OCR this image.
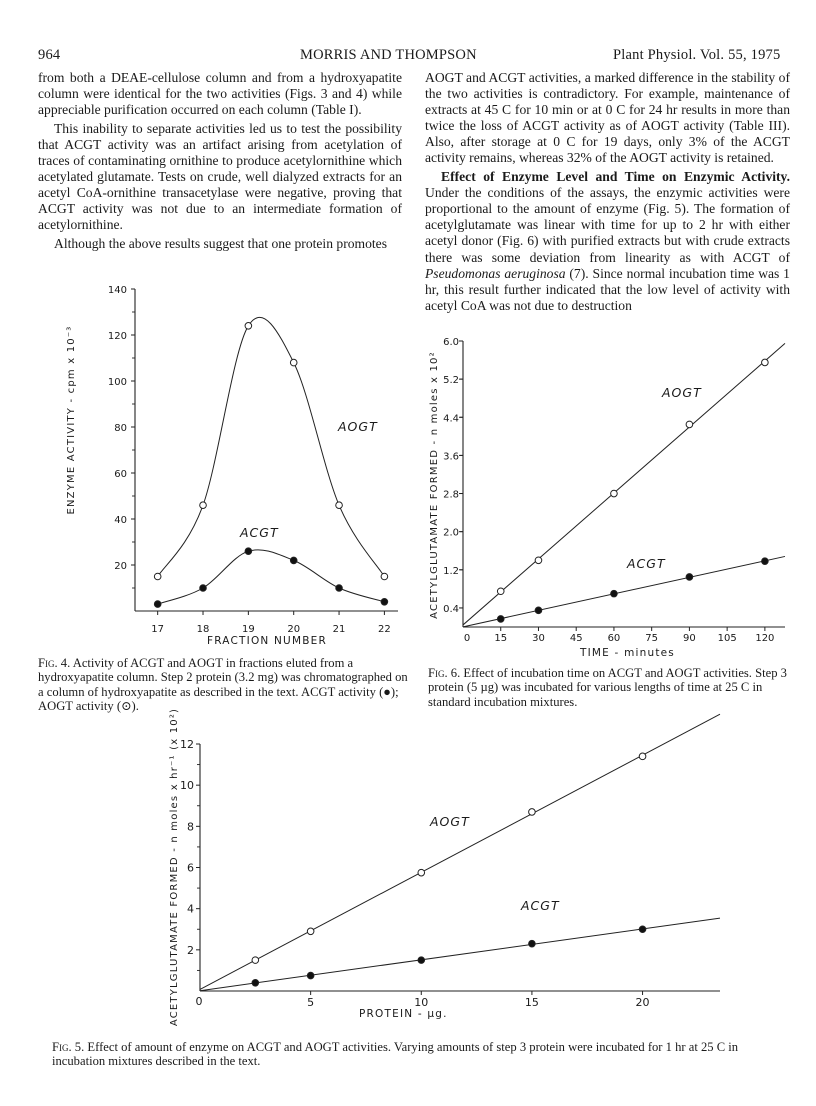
964	MORRIS AND THOMPSON	Plant Physiol. Vol. 55, 1975

from both a DEAE-cellulose column and from a hydroxyapatite column were identical for the two activities (Figs. 3 and 4) while appreciable purification occurred on each column (Table I).

This inability to separate activities led us to test the possibility that ACGT activity was an artifact arising from acetylation of traces of contaminating ornithine to produce acetylornithine which acetylated glutamate. Tests on crude, well dialyzed extracts for an acetyl CoA-ornithine transacetylase were negative, proving that ACGT activity was not due to an intermediate formation of acetylornithine.

Although the above results suggest that one protein promotes

AOGT and ACGT activities, a marked difference in the stability of the two activities is contradictory. For example, maintenance of extracts at 45 C for 10 min or at 0 C for 24 hr results in more than twice the loss of ACGT activity as of AOGT activity (Table III). Also, after storage at 0 C for 19 days, only 3% of the ACGT activity remains, whereas 32% of the AOGT activity is retained.

Effect of Enzyme Level and Time on Enzymic Activity. Under the conditions of the assays, the enzymic activities were proportional to the amount of enzyme (Fig. 5). The formation of acetylglutamate was linear with time for up to 2 hr with either acetyl donor (Fig. 6) with purified extracts but with crude extracts there was some deviation from linearity as with ACGT of Pseudomonas aeruginosa (7). Since normal incubation time was 1 hr, this result further indicated that the low level of activity with acetyl CoA was not due to destruction

17	18	19	20	21	22
20
40
60
80
100
120
140
FRACTION NUMBER
ENZYME ACTIVITY - cpm x 10⁻³	AOGT
ACGT
Fig. 4. Activity of ACGT and AOGT in fractions eluted from a hydroxyapatite column. Step 2 protein (3.2 mg) was chromatographed on a column of hydroxyapatite as described in the text. ACGT activity (●); AOGT activity (⊙).
15	30	45	60	75	90 105 120
0.4
1.2
2.0
2.8
3.6
4.4
5.2
6.0
0
TIME - minutes
ACETYLGLUTAMATE FORMED - n moles x 10²	AOGT
ACGT
Fig. 6. Effect of incubation time on ACGT and AOGT activities. Step 3 protein (5 µg) was incubated for various lengths of time at 25 C in standard incubation mixtures.
5	10	15	20
2
4
6
8
10
12
0
PROTEIN - µg.
ACETYLGLUTAMATE FORMED - n moles x hr⁻¹ (x 10²)	AOGT
ACGT
Fig. 5. Effect of amount of enzyme on ACGT and AOGT activities. Varying amounts of step 3 protein were incubated for 1 hr at 25 C in incubation mixtures described in the text.
